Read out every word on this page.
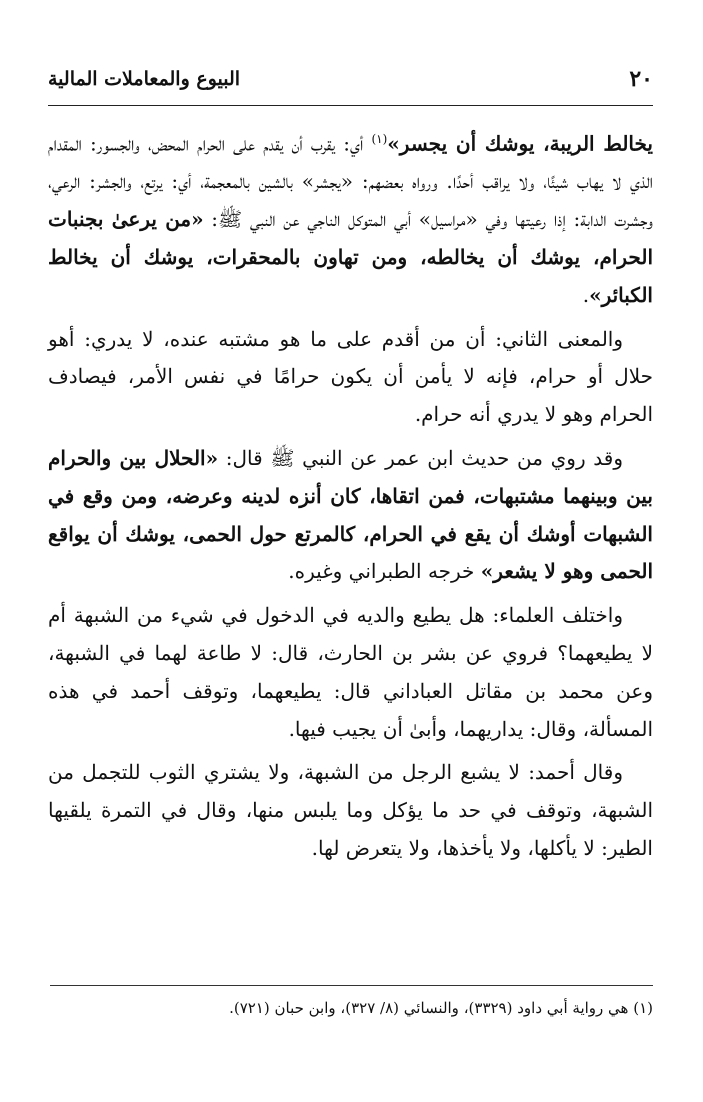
٢٠
البيوع والمعاملات المالية

يخالط الريبة، يوشك أن يجسر»$^{(١)}$ أي: يقرب أن يقدم على الحرام المحض، والجسور: المقدام الذي لا يهاب شيئًا، ولا يراقب أحدًا. ورواه بعضهم: «يجشر» بالشين بالمعجمة، أي: يرتع، والجشر: الرعي، وجشرت الدابة: إذا رعيتها وفي «مراسيل» أبي المتوكل الناجي عن النبي ﷺ: «من يرعىٰ بجنبات الحرام، يوشك أن يخالطه، ومن تهاون بالمحقرات، يوشك أن يخالط الكبائر».

والمعنى الثاني: أن من أقدم على ما هو مشتبه عنده، لا يدري: أهو حلال أو حرام، فإنه لا يأمن أن يكون حرامًا في نفس الأمر، فيصادف الحرام وهو لا يدري أنه حرام.

وقد روي من حديث ابن عمر عن النبي ﷺ قال: «الحلال بين والحرام بين وبينهما مشتبهات، فمن اتقاها، كان أنزه لدينه وعرضه، ومن وقع في الشبهات أوشك أن يقع في الحرام، كالمرتع حول الحمى، يوشك أن يواقع الحمى وهو لا يشعر» خرجه الطبراني وغيره.

واختلف العلماء: هل يطيع والديه في الدخول في شيء من الشبهة أم لا يطيعهما؟ فروي عن بشر بن الحارث، قال: لا طاعة لهما في الشبهة، وعن محمد بن مقاتل العباداني قال: يطيعهما، وتوقف أحمد في هذه المسألة، وقال: يداريهما، وأبىٰ أن يجيب فيها.

وقال أحمد: لا يشبع الرجل من الشبهة، ولا يشتري الثوب للتجمل من الشبهة، وتوقف في حد ما يؤكل وما يلبس منها، وقال في التمرة يلقيها الطير: لا يأكلها، ولا يأخذها، ولا يتعرض لها.

(١) هي رواية أبي داود (٣٣٢٩)، والنسائي (٨/ ٣٢٧)، وابن حبان (٧٢١).
